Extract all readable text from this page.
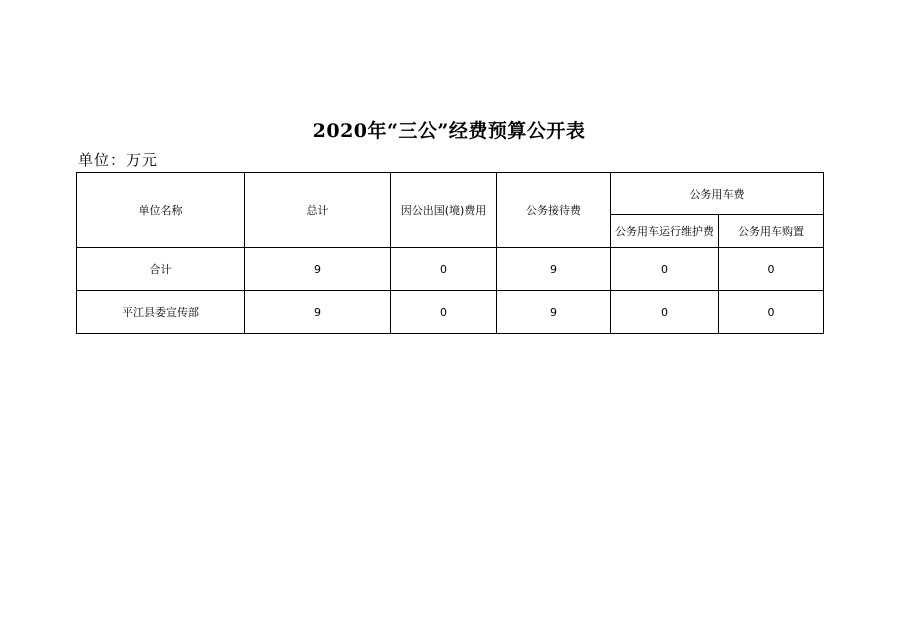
2020年“三公”经费预算公开表
单位：万元
单位名称	总计	因公出国(境)费用	公务接待费	公务用车费	
				公务用车运行维护费	公务用车购置
合计	9	0	9	0	0
平江县委宣传部	9	0	9	0	0
